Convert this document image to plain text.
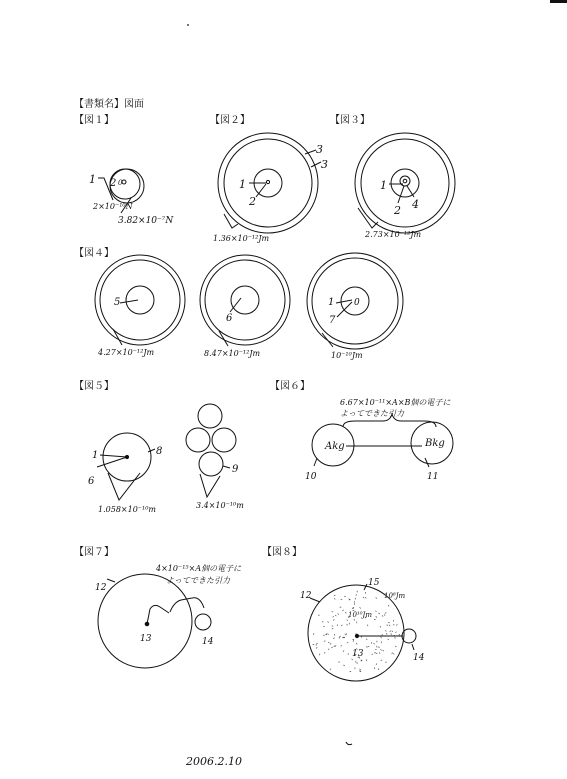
【書類名】図面
【図１】	【図２】	【図３】
【図４】
【図５】	【図６】
【図７】	【図８】
1 2 0
2×10⁻¹⁰N
3.82×10⁻⁷N
3
3
1
2
1.36×10⁻¹²Jm
1
2 4
2.73×10⁻¹²Jm
5
4.27×10⁻¹²Jm
6
8.47×10⁻¹²Jm
1 0
7
10⁻¹⁰Jm
1	8
6
1.058×10⁻¹⁰m
9
3.4×10⁻¹⁰m
6.67×10⁻¹¹×A×B個の電子に
よってできた引力
Akg	Bkg
10	11
4×10⁻¹⁵×A個の電子に
よってできた引力
12
13	14
15
12
10¹⁰Jm
10⁸Jm
13	14
2006.2.10
